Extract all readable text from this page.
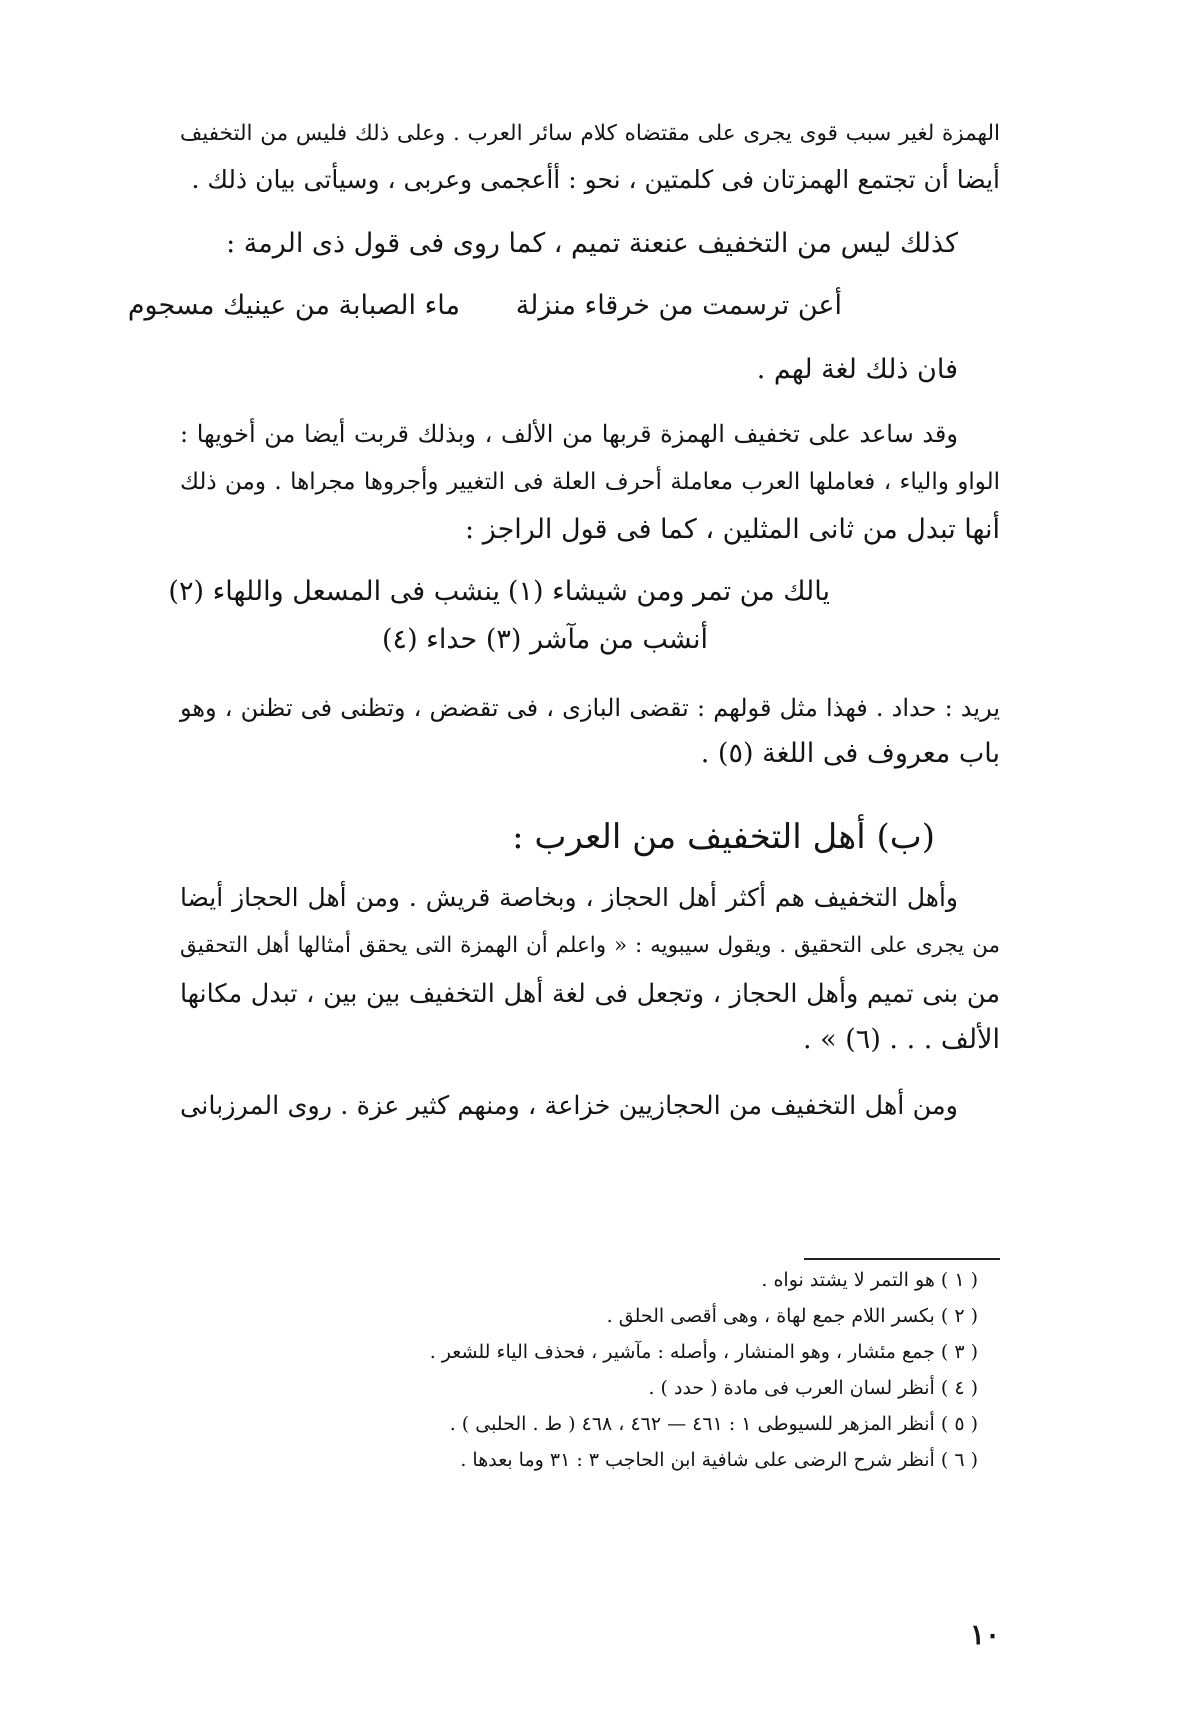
الهمزة لغير سبب قوى يجرى على مقتضاه كلام سائر العرب . وعلى ذلك فليس من التخفيف
أيضا أن تجتمع الهمزتان فى كلمتين ، نحو : أأعجمى وعربى ، وسيأتى بيان ذلك .
كذلك ليس من التخفيف عنعنة تميم ، كما روى فى قول ذى الرمة :
أعن ترسمت من خرقاء منزلة
ماء الصبابة من عينيك مسجوم
فان ذلك لغة لهم .
وقد ساعد على تخفيف الهمزة قربها من الألف ، وبذلك قربت أيضا من أخويها :
الواو والياء ، فعاملها العرب معاملة أحرف العلة فى التغيير وأجروها مجراها . ومن ذلك
أنها تبدل من ثانى المثلين ، كما فى قول الراجز :
يالك من تمر ومن شيشاء (١)
ينشب فى المسعل واللهاء (٢)
أنشب من مآشر (٣) حداء (٤)
يريد : حداد . فهذا مثل قولهم : تقضى البازى ، فى تقضض ، وتظنى فى تظنن ، وهو
باب معروف فى اللغة (٥) .
(ب) أهل التخفيف من العرب :
وأهل التخفيف هم أكثر أهل الحجاز ، وبخاصة قريش . ومن أهل الحجاز أيضا
من يجرى على التحقيق . ويقول سيبويه : « واعلم أن الهمزة التى يحقق أمثالها أهل التحقيق
من بنى تميم وأهل الحجاز ، وتجعل فى لغة أهل التخفيف بين بين ، تبدل مكانها
الألف . . . (٦) » .
ومن أهل التخفيف من الحجازيين خزاعة ، ومنهم كثير عزة . روى المرزبانى
( ١ ) هو التمر لا يشتد نواه .
( ٢ ) بكسر اللام جمع لهاة ، وهى أقصى الحلق .
( ٣ ) جمع مئشار ، وهو المنشار ، وأصله : مآشير ، فحذف الياء للشعر .
( ٤ ) أنظر لسان العرب فى مادة ( حدد ) .
( ٥ ) أنظر المزهر للسيوطى ١ : ٤٦١ — ٤٦٢ ، ٤٦٨ ( ط . الحلبى ) .
( ٦ ) أنظر شرح الرضى على شافية ابن الحاجب ٣ : ٣١ وما بعدها .
١٠
